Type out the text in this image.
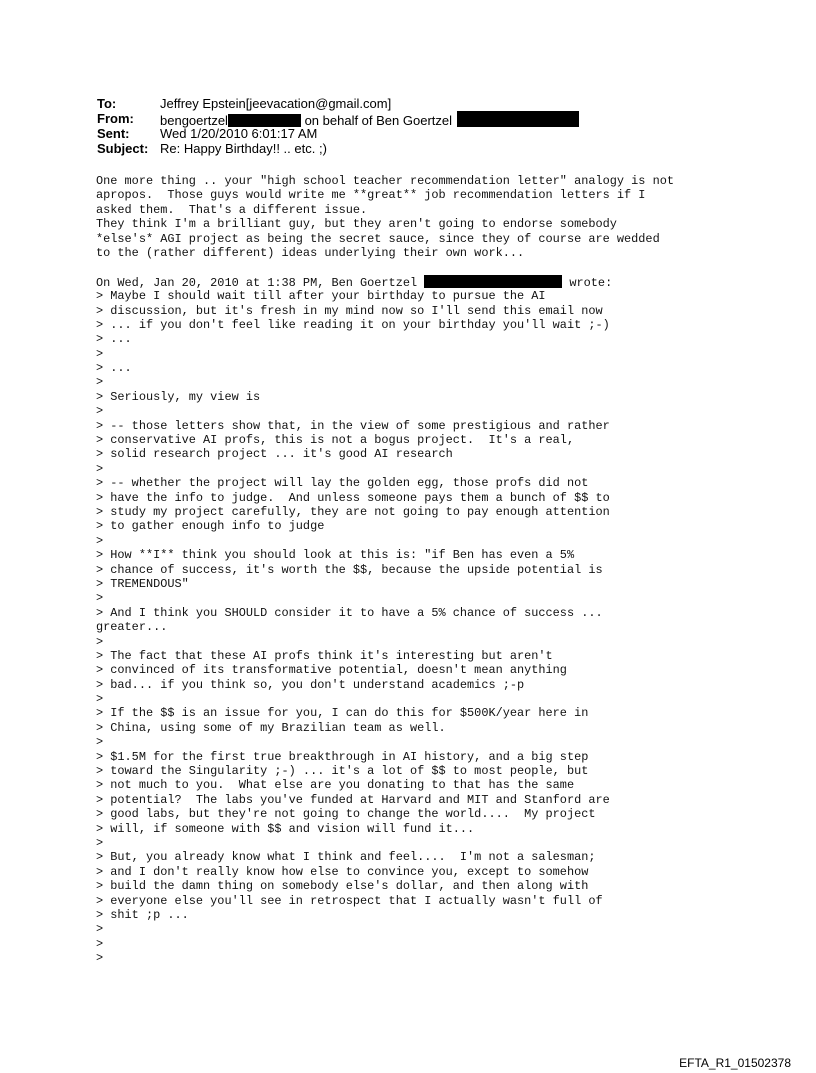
To:	Jeffrey Epstein[jeevacation@gmail.com]
From: bengoertzel	on behalf of Ben Goertzel
Sent: Wed 1/20/2010 6:01:17 AM
Subject: Re: Happy Birthday!! .. etc. ;)
One more thing .. your "high school teacher recommendation letter" analogy is not
apropos.  Those guys would write me **great** job recommendation letters if I
asked them.  That's a different issue.
They think I'm a brilliant guy, but they aren't going to endorse somebody
*else's* AGI project as being the secret sauce, since they of course are wedded
to the (rather different) ideas underlying their own work...
On Wed, Jan 20, 2010 at 1:38 PM, Ben Goertzel	wrote:
> Maybe I should wait till after your birthday to pursue the AI
> discussion, but it's fresh in my mind now so I'll send this email now
> ... if you don't feel like reading it on your birthday you'll wait ;-)
> ...
>
> ...
>
> Seriously, my view is
>
> -- those letters show that, in the view of some prestigious and rather
> conservative AI profs, this is not a bogus project.  It's a real,
> solid research project ... it's good AI research
>
> -- whether the project will lay the golden egg, those profs did not
> have the info to judge.  And unless someone pays them a bunch of $$ to
> study my project carefully, they are not going to pay enough attention
> to gather enough info to judge
>
> How **I** think you should look at this is: "if Ben has even a 5%
> chance of success, it's worth the $$, because the upside potential is
> TREMENDOUS"
>
> And I think you SHOULD consider it to have a 5% chance of success ...
greater...
>
> The fact that these AI profs think it's interesting but aren't
> convinced of its transformative potential, doesn't mean anything
> bad... if you think so, you don't understand academics ;-p
>
> If the $$ is an issue for you, I can do this for $500K/year here in
> China, using some of my Brazilian team as well.
>
> $1.5M for the first true breakthrough in AI history, and a big step
> toward the Singularity ;-) ... it's a lot of $$ to most people, but
> not much to you.  What else are you donating to that has the same
> potential?  The labs you've funded at Harvard and MIT and Stanford are
> good labs, but they're not going to change the world....  My project
> will, if someone with $$ and vision will fund it...
>
> But, you already know what I think and feel....  I'm not a salesman;
> and I don't really know how else to convince you, except to somehow
> build the damn thing on somebody else's dollar, and then along with
> everyone else you'll see in retrospect that I actually wasn't full of
> shit ;p ...
>
>
>
EFTA_R1_01502378
